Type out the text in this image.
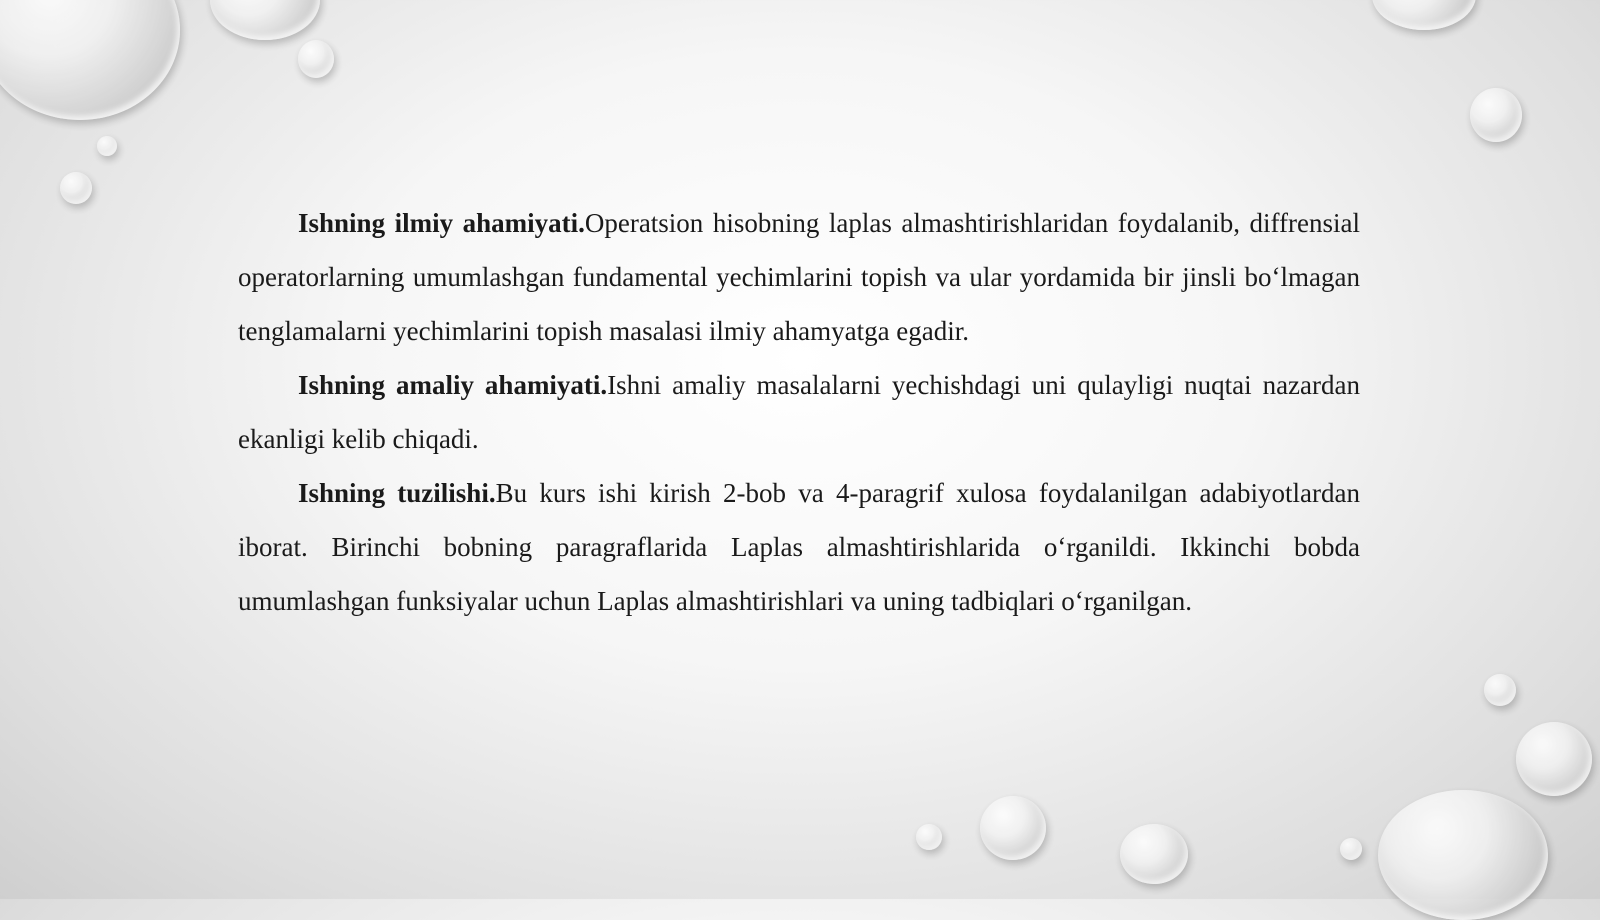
Ishning ilmiy ahamiyati.Operatsion hisobning laplas almashtirishlaridan foydalanib, diffrensial operatorlarning umumlashgan fundamental yechimlarini topish va ular yordamida bir jinsli bo‘lmagan tenglamalarni yechimlarini topish masalasi ilmiy ahamyatga egadir.

Ishning amaliy ahamiyati.Ishni amaliy masalalarni yechishdagi uni qulayligi nuqtai nazardan ekanligi kelib chiqadi.

Ishning tuzilishi.Bu kurs ishi kirish 2-bob va 4-paragrif xulosa foydalanilgan adabiyotlardan iborat. Birinchi bobning paragraflarida Laplas almashtirishlarida o‘rganildi. Ikkinchi bobda umumlashgan funksiyalar uchun Laplas almashtirishlari va uning tadbiqlari o‘rganilgan.
